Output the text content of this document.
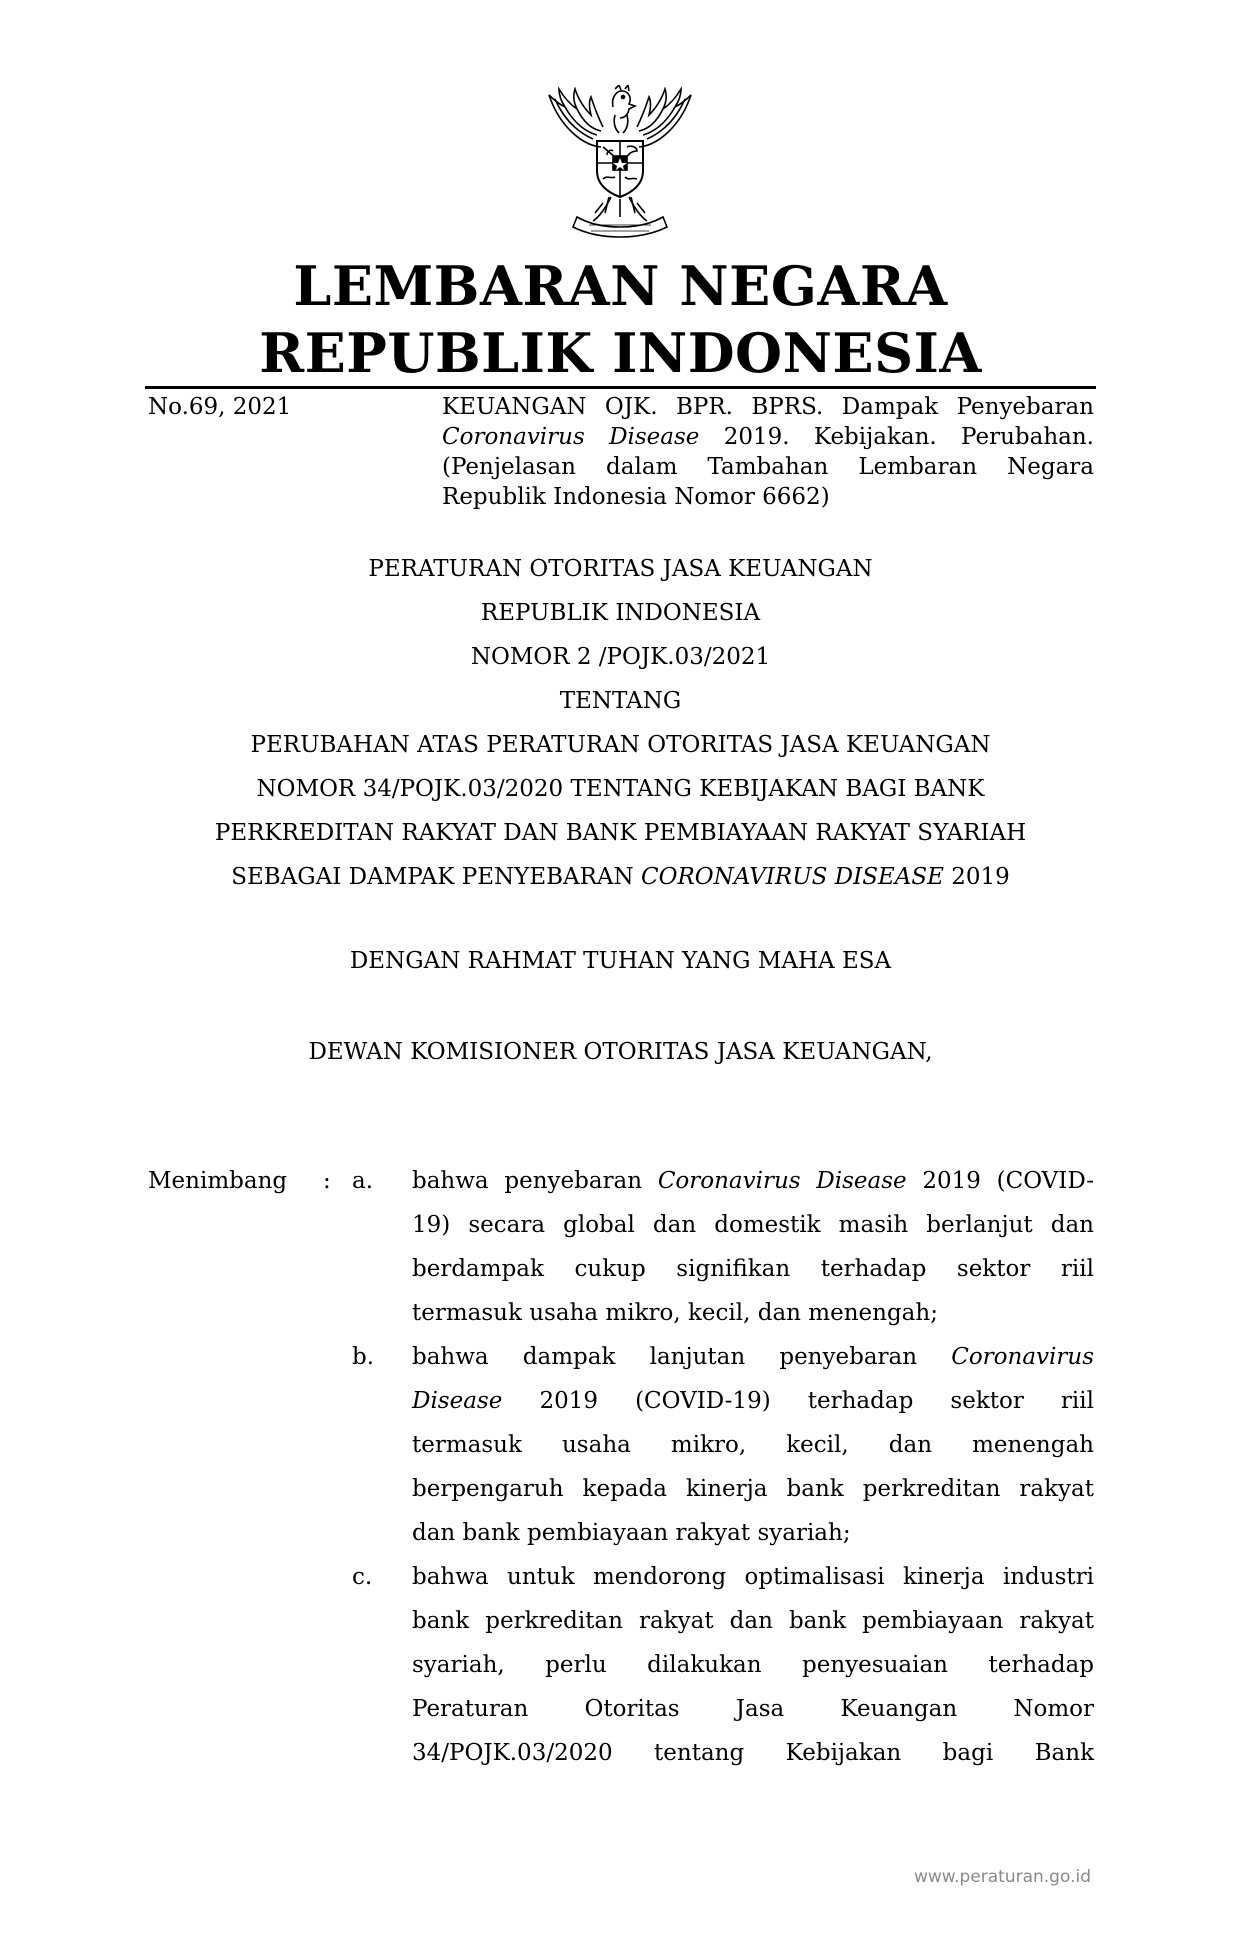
LEMBARAN NEGARA
REPUBLIK INDONESIA
No.69, 2021	KEUANGAN OJK. BPR. BPRS. Dampak Penyebaran
Coronavirus Disease 2019. Kebijakan. Perubahan.
(Penjelasan dalam Tambahan Lembaran Negara
Republik Indonesia Nomor 6662)
PERATURAN OTORITAS JASA KEUANGAN
REPUBLIK INDONESIA
NOMOR 2 /POJK.03/2021
TENTANG
PERUBAHAN ATAS PERATURAN OTORITAS JASA KEUANGAN
NOMOR 34/POJK.03/2020 TENTANG KEBIJAKAN BAGI BANK
PERKREDITAN RAKYAT DAN BANK PEMBIAYAAN RAKYAT SYARIAH
SEBAGAI DAMPAK PENYEBARAN CORONAVIRUS DISEASE 2019
DENGAN RAHMAT TUHAN YANG MAHA ESA
DEWAN KOMISIONER OTORITAS JASA KEUANGAN,
Menimbang : a. bahwa penyebaran Coronavirus Disease 2019 (COVID-
19) secara global dan domestik masih berlanjut dan
berdampak cukup signifikan terhadap sektor riil
termasuk usaha mikro, kecil, dan menengah;
b. bahwa dampak lanjutan penyebaran Coronavirus
Disease 2019 (COVID-19) terhadap sektor riil
termasuk usaha mikro, kecil, dan menengah
berpengaruh kepada kinerja bank perkreditan rakyat
dan bank pembiayaan rakyat syariah;
c. bahwa untuk mendorong optimalisasi kinerja industri
bank perkreditan rakyat dan bank pembiayaan rakyat
syariah, perlu dilakukan penyesuaian terhadap
Peraturan Otoritas Jasa Keuangan Nomor
34/POJK.03/2020 tentang Kebijakan bagi Bank
www.peraturan.go.id
